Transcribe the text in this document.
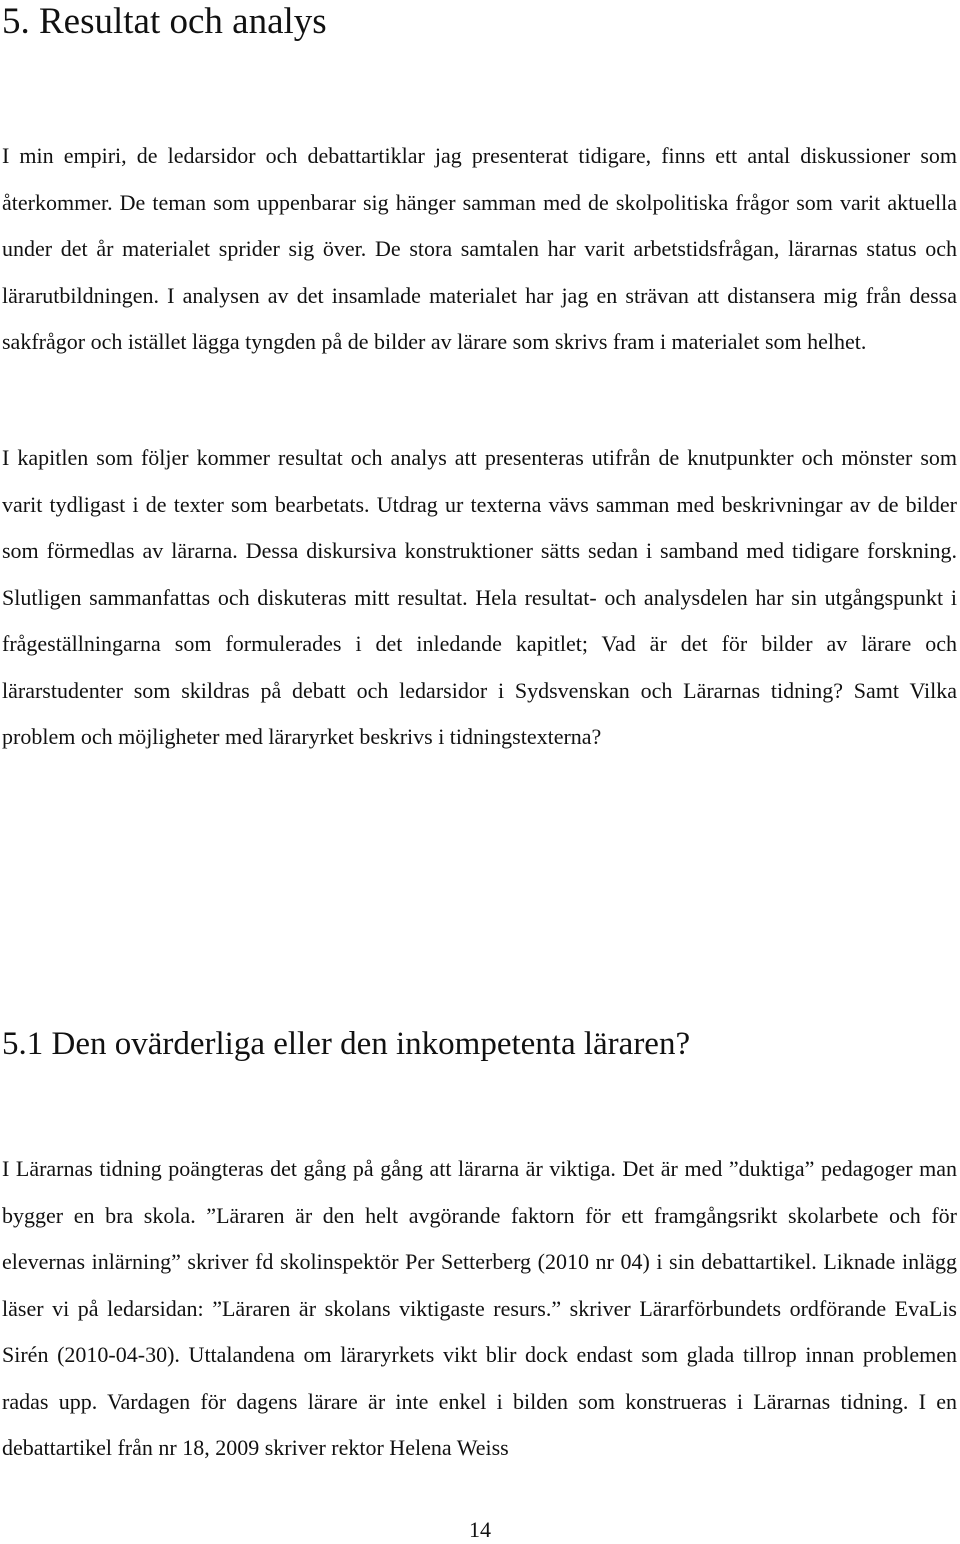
5. Resultat och analys

I min empiri, de ledarsidor och debattartiklar jag presenterat tidigare, finns ett antal diskussioner som återkommer. De teman som uppenbarar sig hänger samman med de skolpolitiska frågor som varit aktuella under det år materialet sprider sig över. De stora samtalen har varit arbetstidsfrågan, lärarnas status och lärarutbildningen. I analysen av det insamlade materialet har jag en strävan att distansera mig från dessa sakfrågor och istället lägga tyngden på de bilder av lärare som skrivs fram i materialet som helhet.

I kapitlen som följer kommer resultat och analys att presenteras utifrån de knutpunkter och mönster som varit tydligast i de texter som bearbetats. Utdrag ur texterna vävs samman med beskrivningar av de bilder som förmedlas av lärarna. Dessa diskursiva konstruktioner sätts sedan i samband med tidigare forskning. Slutligen sammanfattas och diskuteras mitt resultat. Hela resultat- och analysdelen har sin utgångspunkt i frågeställningarna som formulerades i det inledande kapitlet; Vad är det för bilder av lärare och lärarstudenter som skildras på debatt och ledarsidor i Sydsvenskan och Lärarnas tidning? Samt Vilka problem och möjligheter med läraryrket beskrivs i tidningstexterna?

5.1 Den ovärderliga eller den inkompetenta läraren?

I Lärarnas tidning poängteras det gång på gång att lärarna är viktiga. Det är med ”duktiga” pedagoger man bygger en bra skola. ”Läraren är den helt avgörande faktorn för ett framgångsrikt skolarbete och för elevernas inlärning” skriver fd skolinspektör Per Setterberg (2010 nr 04) i sin debattartikel. Liknade inlägg läser vi på ledarsidan: ”Läraren är skolans viktigaste resurs.” skriver Lärarförbundets ordförande EvaLis Sirén (2010-04-30). Uttalandena om läraryrkets vikt blir dock endast som glada tillrop innan problemen radas upp. Vardagen för dagens lärare är inte enkel i bilden som konstrueras i Lärarnas tidning. I en debattartikel från nr 18, 2009 skriver rektor Helena Weiss

14
